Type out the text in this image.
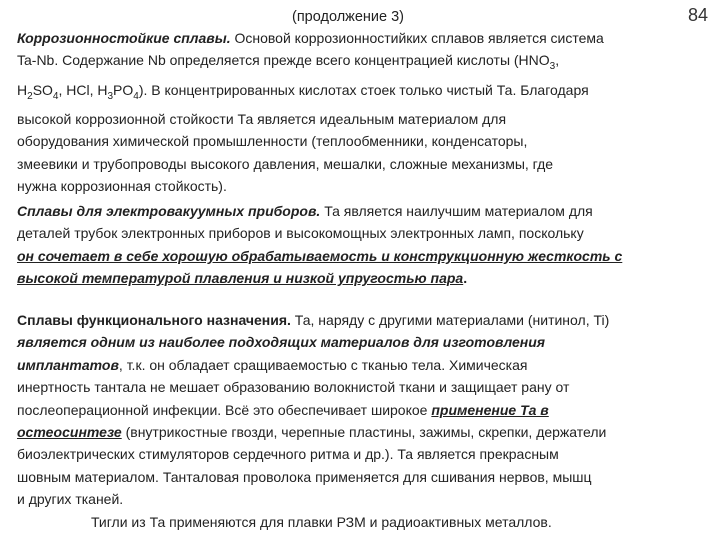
(продолжение 3)	84
Коррозионностойкие сплавы. Основой коррозионностийких сплавов является система
Ta-Nb. Содержание Nb определяется прежде всего концентрацией кислоты ($HNO_3$,
$H_2SO_4$, HCl, $H_3PO_4$). В концентрированных кислотах стоек только чистый Та. Благодаря
высокой коррозионной стойкости Та является идеальным материалом для
оборудования химической промышленности (теплообменники, конденсаторы,
змеевики и трубопроводы высокого давления, мешалки, сложные механизмы, где
нужна коррозионная стойкость).
Сплавы для электровакуумных приборов. Та является наилучшим материалом для
деталей трубок электронных приборов и высокомощных электронных ламп, поскольку
он сочетает в себе хорошую обрабатываемость и конструкционную жесткость с
высокой температурой плавления и низкой упругостью пара.
Сплавы функционального назначения. Та, наряду с другими материалами (нитинол, Ti)
является одним из наиболее подходящих материалов для изготовления
имплантатов, т.к. он обладает сращиваемостью с тканью тела. Химическая
инертность тантала не мешает образованию волокнистой ткани и защищает рану от
послеоперационной инфекции. Всё это обеспечивает широкое применение Та в
остеосинтезе (внутрикостные гвозди, черепные пластины, зажимы, скрепки, держатели
биоэлектрических стимуляторов сердечного ритма и др.). Та является прекрасным
шовным материалом. Танталовая проволока применяется для сшивания нервов, мышц
и других тканей.
Тигли из Та применяются для плавки РЗМ и радиоактивных металлов.
